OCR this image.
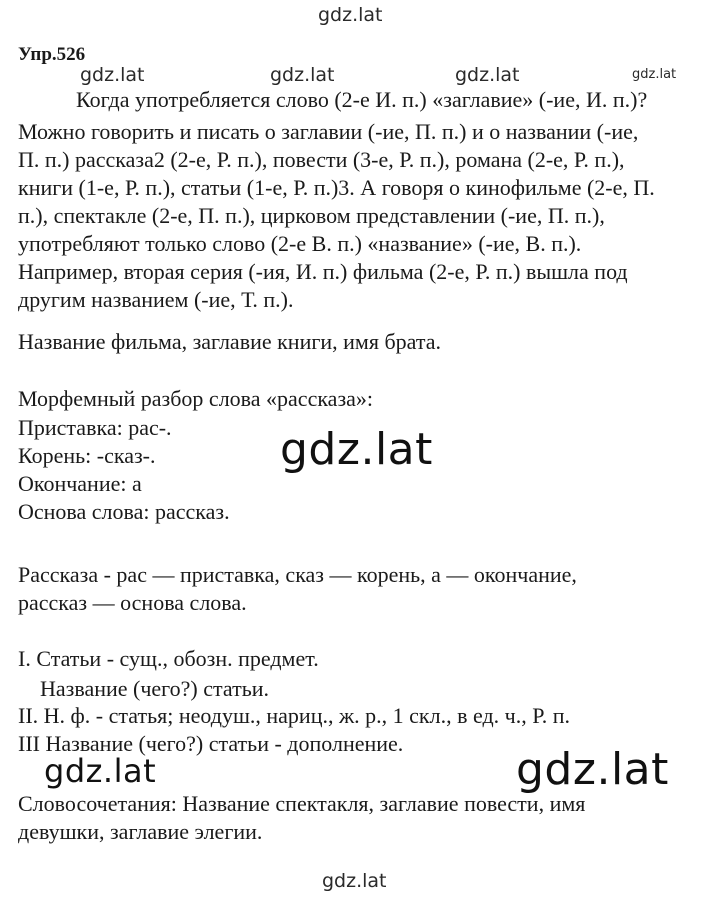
gdz.lat
gdz.lat	gdz.lat	gdz.lat	gdz.lat
gdz.lat
gdz.lat
gdz.lat
gdz.lat
Упр.526
Когда употребляется слово (2-е И. п.) «заглавие» (-ие, И. п.)?
Можно говорить и писать о заглавии (-ие, П. п.) и о названии (-ие,
П. п.) рассказа2 (2-е, Р. п.), повести (3-е, Р. п.), романа (2-е, Р. п.),
книги (1-е, Р. п.), статьи (1-е, Р. п.)3. А говоря о кинофильме (2-е, П.
п.), спектакле (2-е, П. п.), цирковом представлении (-ие, П. п.),
употребляют только слово (2-е В. п.) «название» (-ие, В. п.).
Например, вторая серия (-ия, И. п.) фильма (2-е, Р. п.) вышла под
другим названием (-ие, Т. п.).
Название фильма, заглавие книги, имя брата.
Морфемный разбор слова «рассказа»:
Приставка: рас-.
Корень: -сказ-.
Окончание: а
Основа слова: рассказ.
Рассказа - рас — приставка, сказ — корень, а — окончание,
рассказ — основа слова.
I. Статьи - сущ., обозн. предмет.
Название (чего?) статьи.
II. Н. ф. - статья; неодуш., нариц., ж. р., 1 скл., в ед. ч., Р. п.
III Название (чего?) статьи - дополнение.
Словосочетания: Название спектакля, заглавие повести, имя
девушки, заглавие элегии.
